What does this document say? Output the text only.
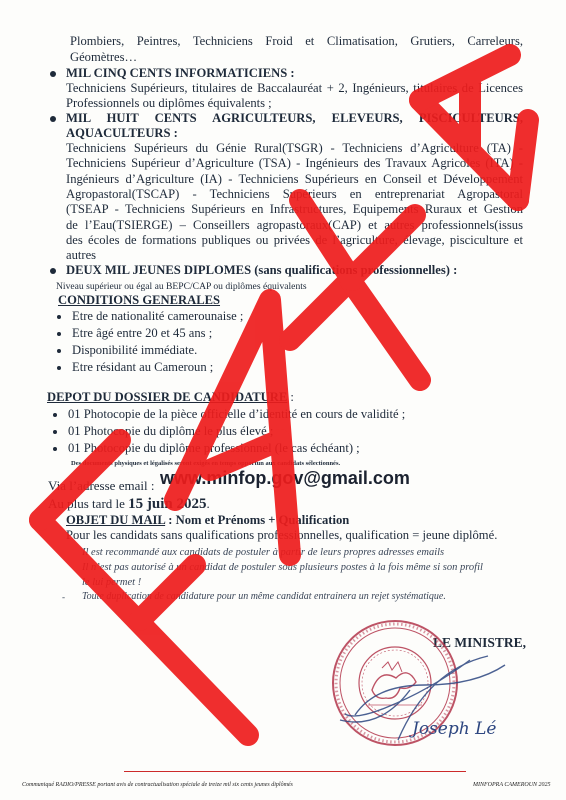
Plombiers, Peintres, Techniciens Froid et Climatisation, Grutiers, Carreleurs,
Géomètres…
MIL CINQ CENTS INFORMATICIENS :
Techniciens Supérieurs, titulaires de Baccalauréat + 2, Ingénieurs, titulaires de Licences
Professionnels ou diplômes équivalents ;
MIL HUIT CENTS AGRICULTEURS, ELEVEURS, PISCICULTEURS,
AQUACULTEURS :
Techniciens Supérieurs du Génie Rural(TSGR) - Techniciens d’Agriculture (TA) -
Techniciens Supérieur d’Agriculture (TSA) - Ingénieurs des Travaux Agricoles (ITA) -
Ingénieurs d’Agriculture (IA) - Techniciens Supérieurs en Conseil et Développement
Agropastoral(TSCAP) - Techniciens Supérieurs en entreprenariat Agropastoral
(TSEAP - Techniciens Supérieurs en Infrastructures, Equipements Ruraux et Gestion
de l’Eau(TSIERGE) – Conseillers agropastoraux(CAP) et autres professionnels(issus
des écoles de formations publiques ou privées de l’agriculture, élevage, pisciculture et
autres
DEUX MIL JEUNES DIPLOMES (sans qualifications professionnelles) :
Niveau supérieur ou égal au BEPC/CAP ou diplômes équivalents
CONDITIONS GENERALES
Etre de nationalité camerounaise ;
Etre âgé entre 20 et 45 ans ;
Disponibilité immédiate.
Etre résidant au Cameroun ;
DEPOT DU DOSSIER DE CANDIDATURE :
01 Photocopie de la pièce officielle d’identité en cours de validité ;
01 Photocopie du diplôme le plus élevé ;
01 Photocopie du diplôme professionnel (le cas échéant) ;
Des documents physiques et légalisés seront exigés en temps opportun aux candidats sélectionnés.
Via l’adresse email : www.minfop.gov@gmail.com
Au plus tard le 15 juin 2025.
OBJET DU MAIL : Nom et Prénoms + Qualification
Pour les candidats sans qualifications professionnelles, qualification = jeune diplômé.
Il est recommandé aux candidats de postuler à partir de leurs propres adresses emails
Il n’est pas autorisé à un candidat de postuler sous plusieurs postes à la fois même si son profil
le lui permet !
- Toute duplication de candidature pour un même candidat entrainera un rejet systématique.
LE MINISTRE,
Joseph Lé
Communiqué RADIO/PRESSE portant avis de contractualisation spéciale de treize mil six cents jeunes diplômés	MINFOPRA CAMEROUN 2025
